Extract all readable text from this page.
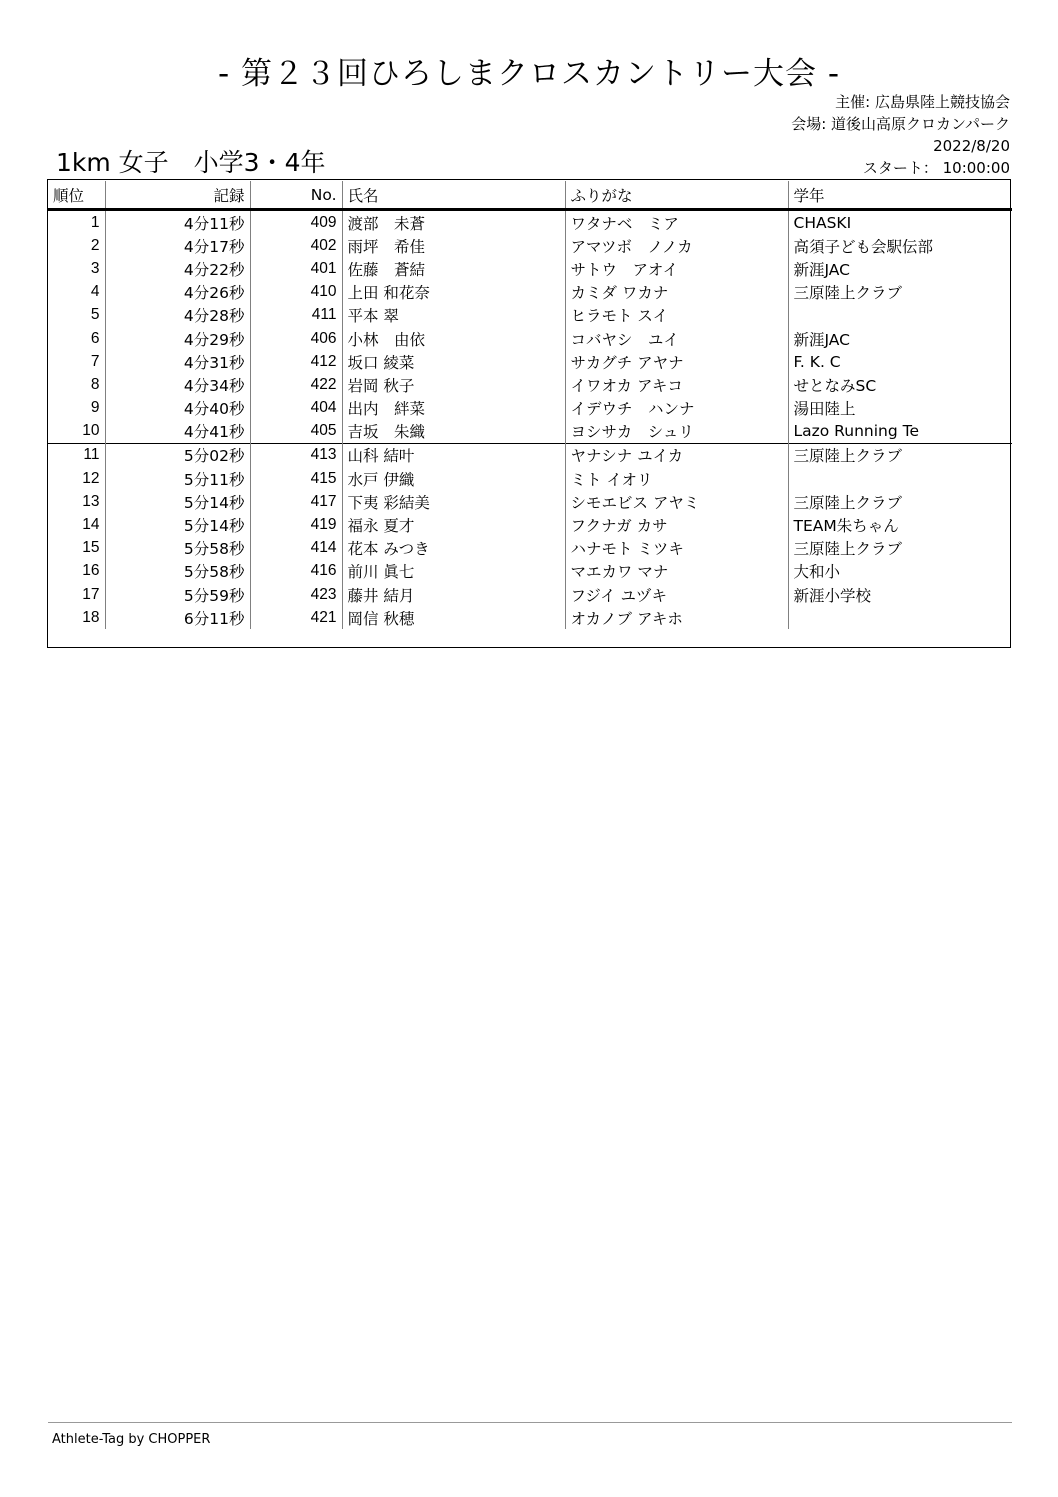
- 第２３回ひろしまクロスカントリー大会 -
主催: 広島県陸上競技協会
会場: 道後山高原クロカンパーク
2022/8/20
スタート： 10:00:00
1km 女子　小学3・4年
順位	記録	No.	氏名	ふりがな	学年
1	4分11秒	409	渡部　未蒼	ワタナベ　ミア	CHASKI
2	4分17秒	402	雨坪　希佳	アマツボ　ノノカ	高須子ども会駅伝部
3	4分22秒	401	佐藤　蒼結	サトウ　アオイ	新涯JAC
4	4分26秒	410	上田 和花奈	カミダ ワカナ	三原陸上クラブ
5	4分28秒	411	平本 翠	ヒラモト スイ	
6	4分29秒	406	小林　由依	コバヤシ　ユイ	新涯JAC
7	4分31秒	412	坂口 綾菜	サカグチ アヤナ	F. K. C
8	4分34秒	422	岩岡 秋子	イワオカ アキコ	せとなみSC
9	4分40秒	404	出内　絆菜	イデウチ　ハンナ	湯田陸上
10	4分41秒	405	吉坂　朱織	ヨシサカ　シュリ	Lazo Running Te
11	5分02秒	413	山科 結叶	ヤナシナ ユイカ	三原陸上クラブ
12	5分11秒	415	水戸 伊織	ミト イオリ	
13	5分14秒	417	下夷 彩結美	シモエビス アヤミ	三原陸上クラブ
14	5分14秒	419	福永 夏才	フクナガ カサ	TEAM朱ちゃん
15	5分58秒	414	花本 みつき	ハナモト ミツキ	三原陸上クラブ
16	5分58秒	416	前川 眞七	マエカワ マナ	大和小
17	5分59秒	423	藤井 結月	フジイ ユヅキ	新涯小学校
18	6分11秒	421	岡信 秋穂	オカノブ アキホ	
Athlete-Tag by CHOPPER
